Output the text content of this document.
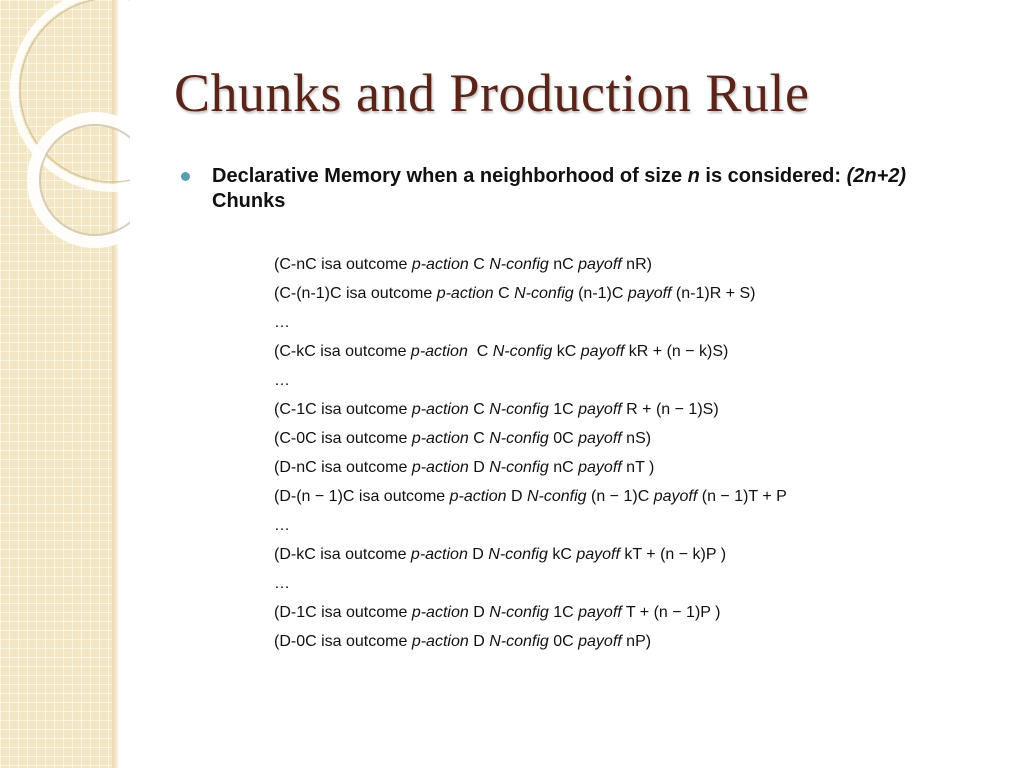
Chunks and Production Rule
Declarative Memory when a neighborhood of size n is considered: (2n+2) Chunks
(C-nC isa outcome p-action C N-config nC payoff nR)
(C-(n-1)C isa outcome p-action C N-config (n-1)C payoff (n-1)R + S)
…
(C-kC isa outcome p-action  C N-config kC payoff kR + (n − k)S)
…
(C-1C isa outcome p-action C N-config 1C payoff R + (n − 1)S)
(C-0C isa outcome p-action C N-config 0C payoff nS)
(D-nC isa outcome p-action D N-config nC payoff nT )
(D-(n − 1)C isa outcome p-action D N-config (n − 1)C payoff (n − 1)T + P
…
(D-kC isa outcome p-action D N-config kC payoff kT + (n − k)P )
…
(D-1C isa outcome p-action D N-config 1C payoff T + (n − 1)P )
(D-0C isa outcome p-action D N-config 0C payoff nP)
